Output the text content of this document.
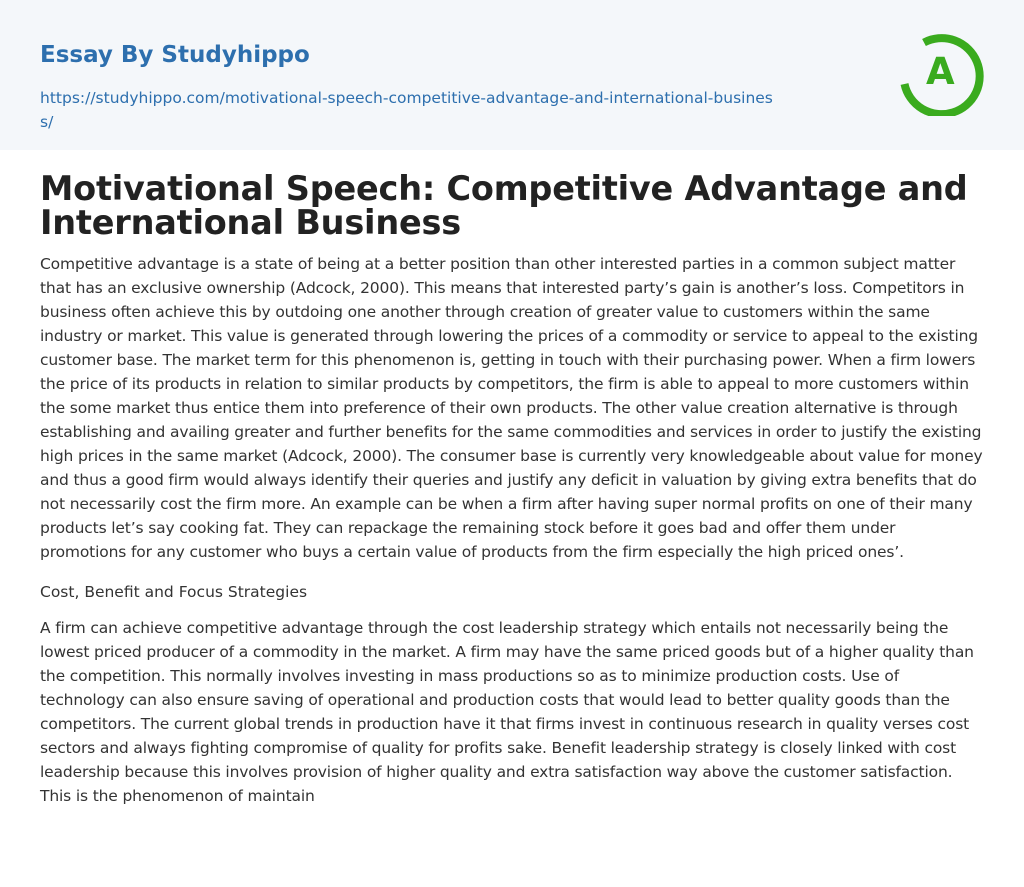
Essay By Studyhippo
https://studyhippo.com/motivational-speech-competitive-advantage-and-international-business/
A
Motivational Speech: Competitive Advantage and International Business

Competitive advantage is a state of being at a better position than other interested parties in a common subject matter that has an exclusive ownership (Adcock, 2000). This means that interested party’s gain is another’s loss. Competitors in business often achieve this by outdoing one another through creation of greater value to customers within the same industry or market. This value is generated through lowering the prices of a commodity or service to appeal to the existing customer base. The market term for this phenomenon is, getting in touch with their purchasing power. When a firm lowers the price of its products in relation to similar products by competitors, the firm is able to appeal to more customers within the some market thus entice them into preference of their own products. The other value creation alternative is through establishing and availing greater and further benefits for the same commodities and services in order to justify the existing high prices in the same market (Adcock, 2000). The consumer base is currently very knowledgeable about value for money and thus a good firm would always identify their queries and justify any deficit in valuation by giving extra benefits that do not necessarily cost the firm more. An example can be when a firm after having super normal profits on one of their many products let’s say cooking fat. They can repackage the remaining stock before it goes bad and offer them under promotions for any customer who buys a certain value of products from the firm especially the high priced ones’.

Cost, Benefit and Focus Strategies

A firm can achieve competitive advantage through the cost leadership strategy which entails not necessarily being the lowest priced producer of a commodity in the market. A firm may have the same priced goods but of a higher quality than the competition. This normally involves investing in mass productions so as to minimize production costs. Use of technology can also ensure saving of operational and production costs that would lead to better quality goods than the competitors. The current global trends in production have it that firms invest in continuous research in quality verses cost sectors and always fighting compromise of quality for profits sake. Benefit leadership strategy is closely linked with cost leadership because this involves provision of higher quality and extra satisfaction way above the customer satisfaction. This is the phenomenon of maintain
